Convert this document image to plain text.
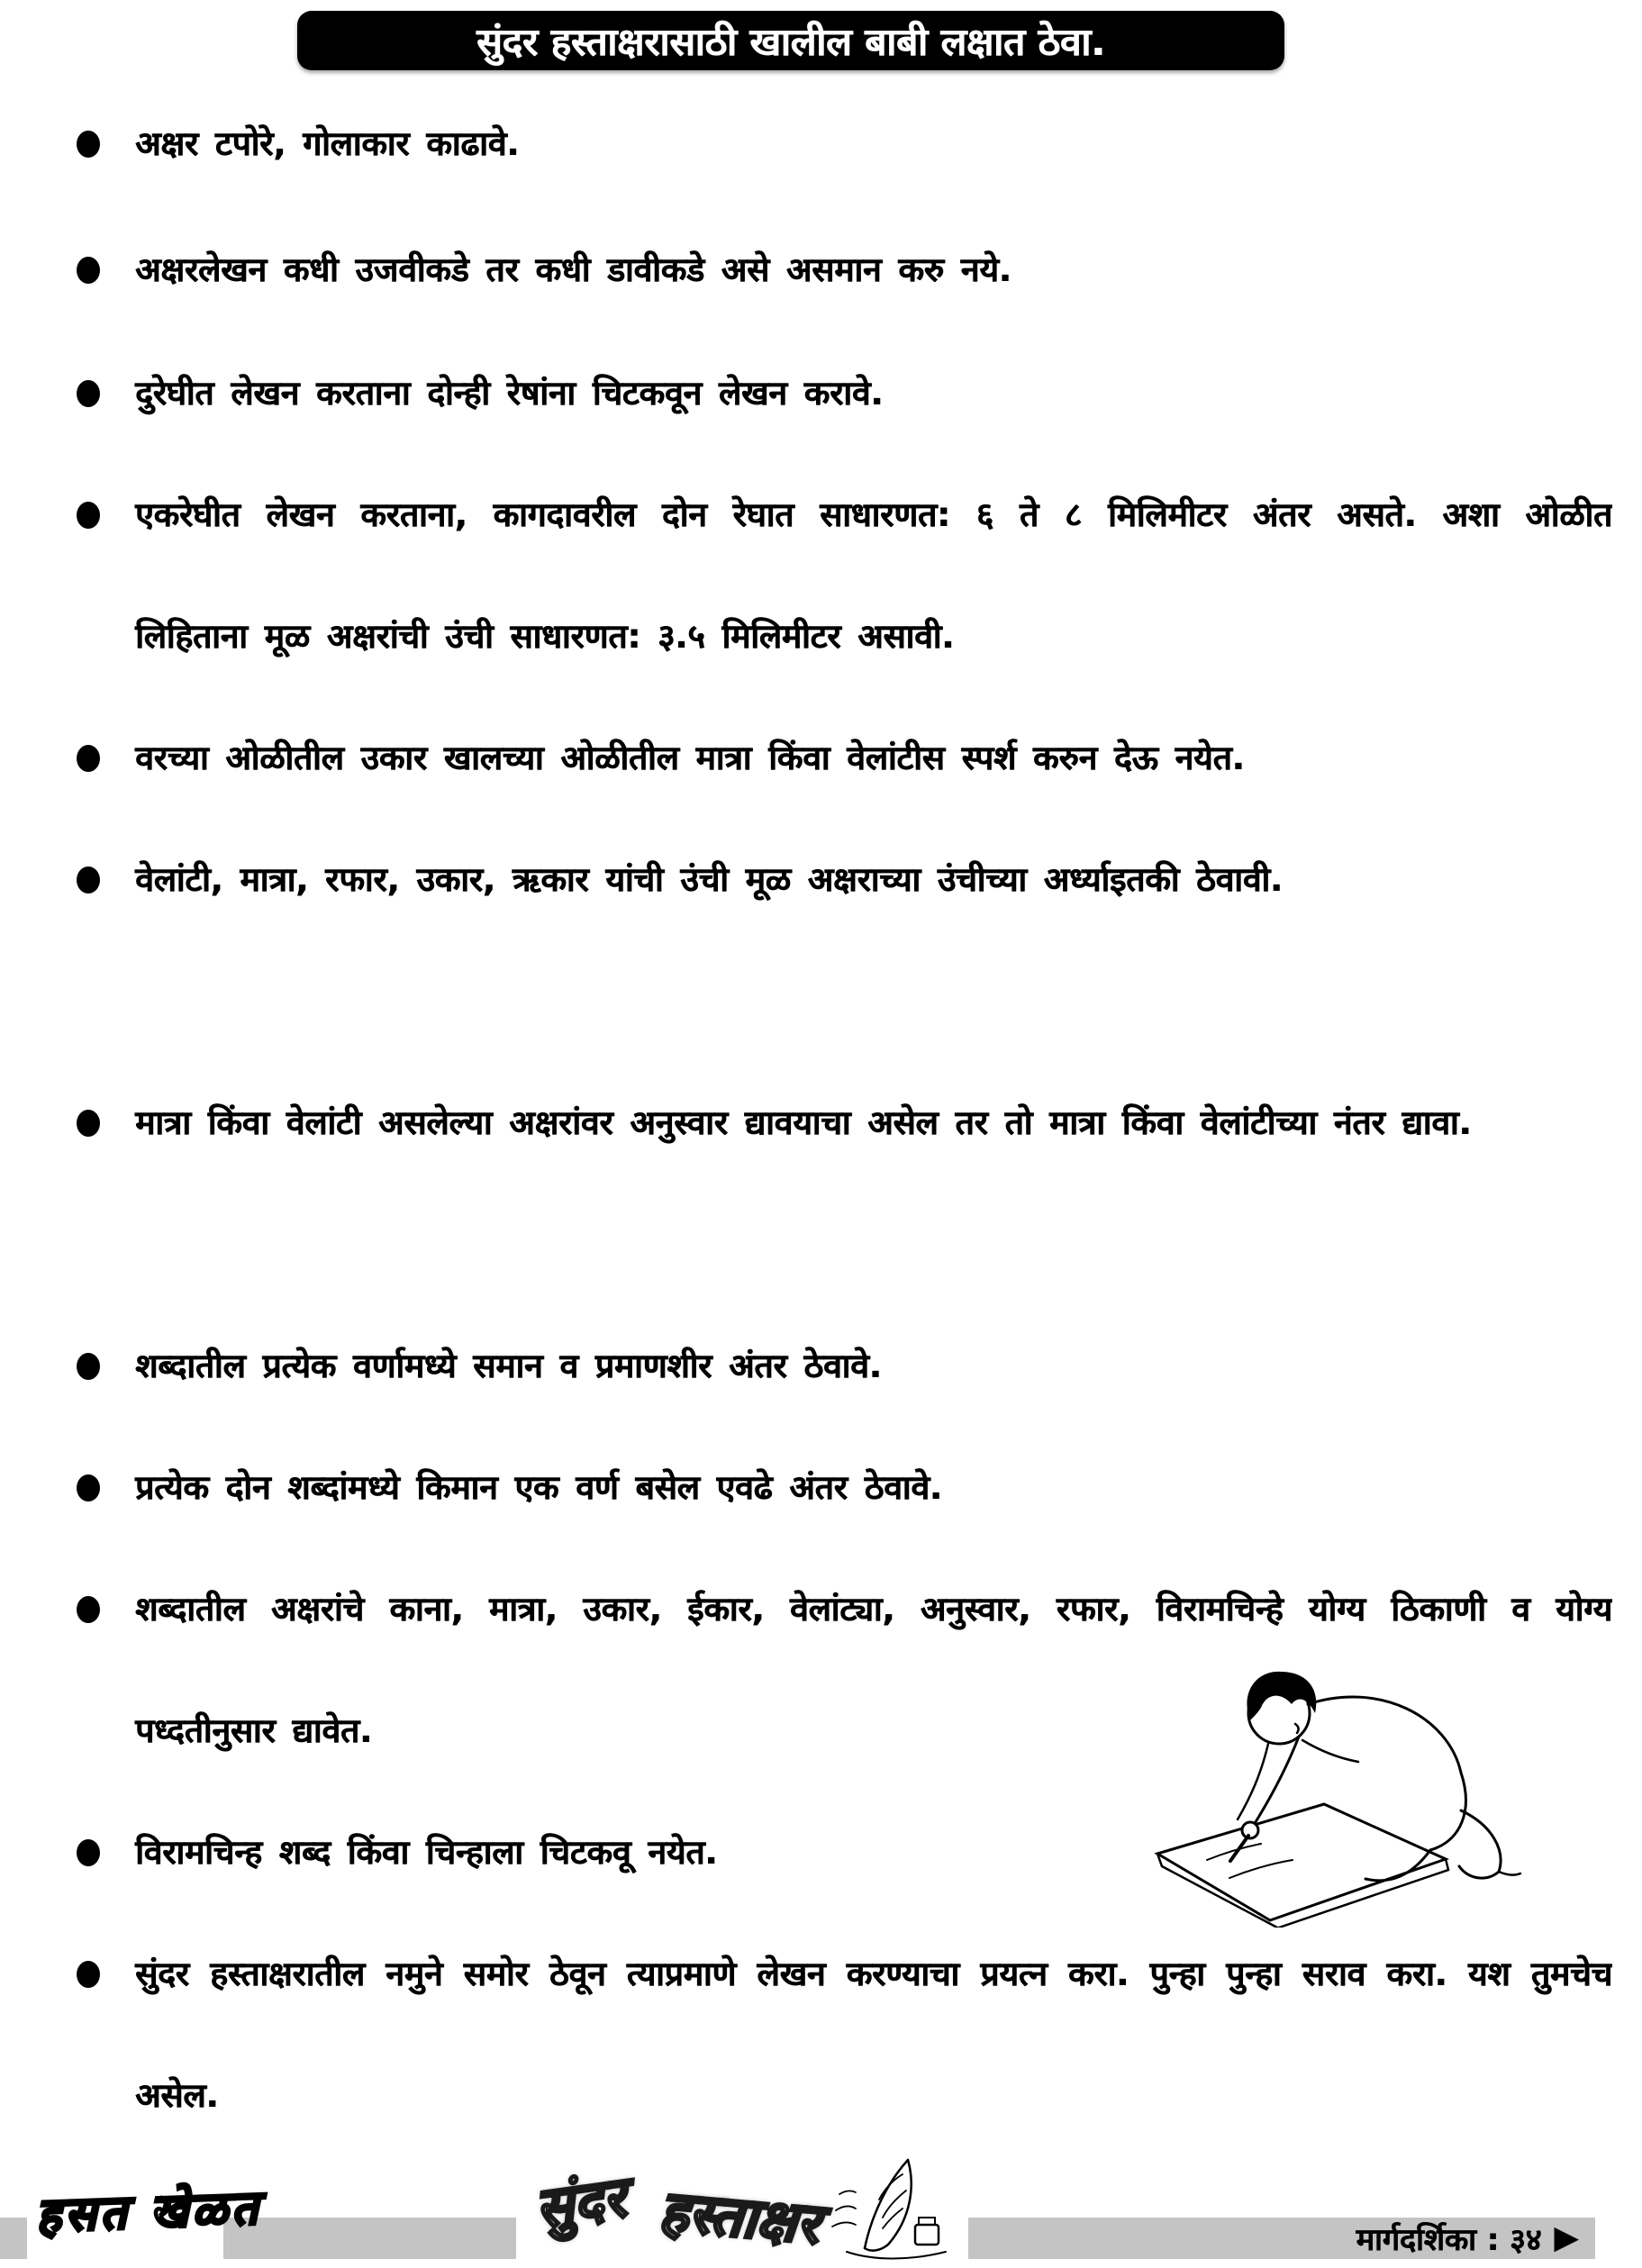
सुंदर हस्ताक्षरासाठी खालील बाबी लक्षात ठेवा.
अक्षर टपोरे, गोलाकार काढावे.
अक्षरलेखन कधी उजवीकडे तर कधी डावीकडे असे असमान करु नये.
दुरेघीत लेखन करताना दोन्ही रेषांना चिटकवून लेखन करावे.
एकरेघीत लेखन करताना, कागदावरील दोन रेघात साधारणत: ६ ते ८ मिलिमीटर अंतर असते. अशा ओळीत लिहिताना मूळ अक्षरांची उंची साधारणत: ३.५ मिलिमीटर असावी.
वरच्या ओळीतील उकार खालच्या ओळीतील मात्रा किंवा वेलांटीस स्पर्श करुन देऊ नयेत.
वेलांटी, मात्रा, रफार, उकार, ऋकार यांची उंची मूळ अक्षराच्या उंचीच्या अर्ध्याइतकी ठेवावी.
मात्रा किंवा वेलांटी असलेल्या अक्षरांवर अनुस्वार द्यावयाचा असेल तर तो मात्रा किंवा वेलांटीच्या नंतर द्यावा.
शब्दातील प्रत्येक वर्णामध्ये समान व प्रमाणशीर अंतर ठेवावे.
प्रत्येक दोन शब्दांमध्ये किमान एक वर्ण बसेल एवढे अंतर ठेवावे.
शब्दातील अक्षरांचे काना, मात्रा, उकार, ईकार, वेलांट्या, अनुस्वार, रफार, विरामचिन्हे योग्य ठिकाणी व योग्य पध्दतीनुसार द्यावेत.
विरामचिन्ह शब्द किंवा चिन्हाला चिटकवू नयेत.
सुंदर हस्ताक्षरातील नमुने समोर ठेवून त्याप्रमाणे लेखन करण्याचा प्रयत्न करा. पुन्हा पुन्हा सराव करा. यश तुमचेच असेल.
हसत खेळत	सुंदर हस्ताक्षर	मार्गदर्शिका : ३४ ▶
